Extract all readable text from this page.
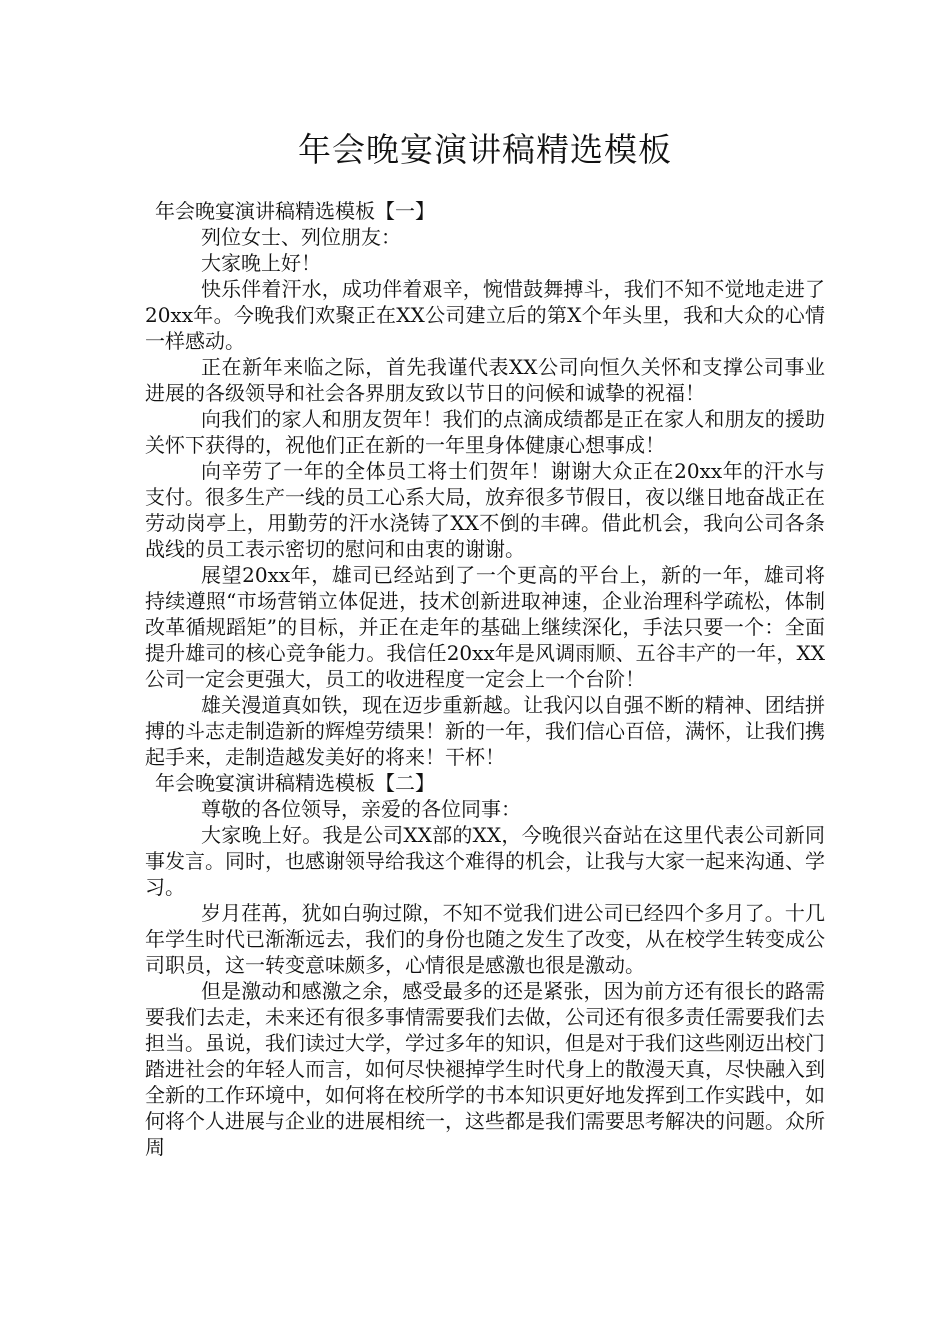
年会晚宴演讲稿精选模板
年会晚宴演讲稿精选模板【一】

列位女士、列位朋友：

大家晚上好！

快乐伴着汗水，成功伴着艰辛，惋惜鼓舞搏斗，我们不知不觉地走进了20xx年。今晚我们欢聚正在XX公司建立后的第X个年头里，我和大众的心情一样感动。

正在新年来临之际，首先我谨代表XX公司向恒久关怀和支撑公司事业进展的各级领导和社会各界朋友致以节日的问候和诚挚的祝福！

向我们的家人和朋友贺年！我们的点滴成绩都是正在家人和朋友的援助关怀下获得的，祝他们正在新的一年里身体健康心想事成！

向辛劳了一年的全体员工将士们贺年！谢谢大众正在20xx年的汗水与支付。很多生产一线的员工心系大局，放弃很多节假日，夜以继日地奋战正在劳动岗亭上，用勤劳的汗水浇铸了XX不倒的丰碑。借此机会，我向公司各条战线的员工表示密切的慰问和由衷的谢谢。

展望20xx年，雄司已经站到了一个更高的平台上，新的一年，雄司将持续遵照“市场营销立体促进，技术创新进取神速，企业治理科学疏松，体制改革循规蹈矩”的目标，并正在走年的基础上继续深化，手法只要一个：全面提升雄司的核心竞争能力。我信任20xx年是风调雨顺、五谷丰产的一年，XX公司一定会更强大，员工的收进程度一定会上一个台阶！

雄关漫道真如铁，现在迈步重新越。让我闪以自强不断的精神、团结拼搏的斗志走制造新的辉煌劳绩果！新的一年，我们信心百倍，满怀，让我们携起手来，走制造越发美好的将来！干杯！

年会晚宴演讲稿精选模板【二】

尊敬的各位领导，亲爱的各位同事：

大家晚上好。我是公司XX部的XX，今晚很兴奋站在这里代表公司新同事发言。同时，也感谢领导给我这个难得的机会，让我与大家一起来沟通、学习。

岁月荏苒，犹如白驹过隙，不知不觉我们进公司已经四个多月了。十几年学生时代已渐渐远去，我们的身份也随之发生了改变，从在校学生转变成公司职员，这一转变意味颇多，心情很是感激也很是激动。

但是激动和感激之余，感受最多的还是紧张，因为前方还有很长的路需要我们去走，未来还有很多事情需要我们去做，公司还有很多责任需要我们去担当。虽说，我们读过大学，学过多年的知识，但是对于我们这些刚迈出校门踏进社会的年轻人而言，如何尽快褪掉学生时代身上的散漫天真，尽快融入到全新的工作环境中，如何将在校所学的书本知识更好地发挥到工作实践中，如何将个人进展与企业的进展相统一，这些都是我们需要思考解决的问题。众所周
